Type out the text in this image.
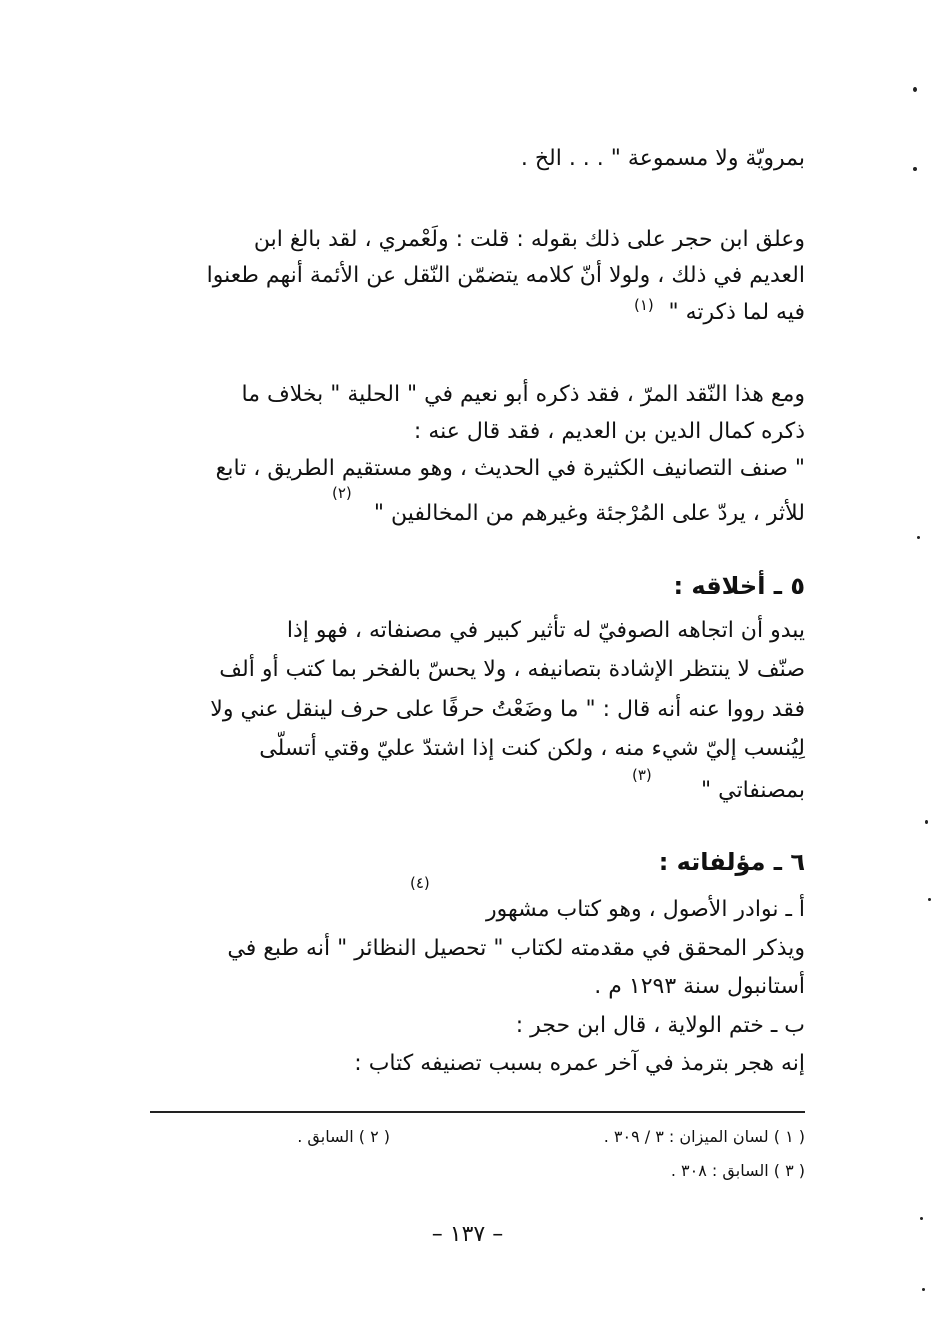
بمرويّة ولا مسموعة " . . . الخ .
وعلق ابن حجر على ذلك بقوله : قلت : ولَعْمري ، لقد بالغ ابن
العديم في ذلك ، ولولا أنّ كلامه يتضمّن النّقل عن الأئمة أنهم طعنوا
فيه لما ذكرته "
(١)
ومع هذا النّقد المرّ ، فقد ذكره أبو نعيم في " الحلية " بخلاف ما
ذكره كمال الدين بن العديم ، فقد قال عنه :
" صنف التصانيف الكثيرة في الحديث ، وهو مستقيم الطريق ، تابع
للأثر ، يردّ على المُرْجئة وغيرهم من المخالفين "
(٢)
٥ ـ أخلاقه :
يبدو أن اتجاهه الصوفيّ له تأثير كبير في مصنفاته ، فهو إذا
صنّف لا ينتظر الإشادة بتصانيفه ، ولا يحسّ بالفخر بما كتب أو ألف
فقد رووا عنه أنه قال : " ما وضَعْتُ حرفًا على حرف لينقل عني ولا
لِيُنسب إليّ شيء منه ، ولكن كنت إذا اشتدّ عليّ وقتي أتسلّى
بمصنفاتي "
(٣)
٦ ـ مؤلفاته :
(٤)
أ ـ نوادر الأصول ، وهو كتاب مشهور
ويذكر المحقق في مقدمته لكتاب " تحصيل النظائر " أنه طبع في
أستانبول سنة ١٢٩٣ م .
ب ـ ختم الولاية ، قال ابن حجر :
إنه هجر بترمذ في آخر عمره بسبب تصنيفه كتاب :
( ١ ) لسان الميزان : ٣ / ٣٠٩ .
( ٢ ) السابق .
( ٣ ) السابق : ٣٠٨ .
– ١٣٧ –
